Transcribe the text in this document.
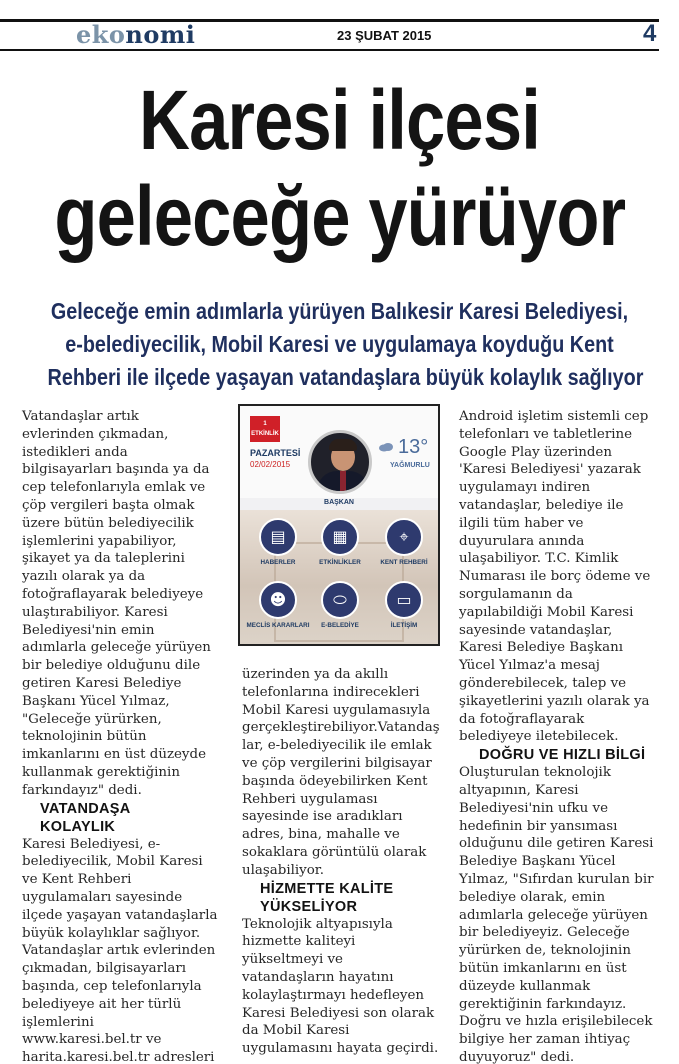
ekonomi	23 ŞUBAT 2015	4
Karesi ilçesi
geleceğe yürüyor
Geleceğe emin adımlarla yürüyen Balıkesir Karesi Belediyesi,
e-belediyecilik, Mobil Karesi ve uygulamaya koyduğu Kent
Rehberi ile ilçede yaşayan vatandaşlara büyük kolaylık sağlıyor

Vatandaşlar artık

evlerinden çıkmadan,

istedikleri anda

bilgisayarları başında ya da

cep telefonlarıyla emlak ve

çöp vergileri başta olmak

üzere bütün belediyecilik

işlemlerini yapabiliyor,

şikayet ya da taleplerini

yazılı olarak ya da

fotoğraflayarak belediyeye

ulaştırabiliyor. Karesi

Belediyesi'nin emin

adımlarla geleceğe yürüyen

bir belediye olduğunu dile

getiren Karesi Belediye

Başkanı Yücel Yılmaz,

"Geleceğe yürürken,

teknolojinin bütün

imkanlarını en üst düzeyde

kullanmak gerektiğinin

farkındayız" dedi.

VATANDAŞA
KOLAYLIK

Karesi Belediyesi, e-

belediyecilik, Mobil Karesi

ve Kent Rehberi

uygulamaları sayesinde

ilçede yaşayan vatandaşlarla

büyük kolaylıklar sağlıyor.

Vatandaşlar artık evlerinden

çıkmadan, bilgisayarları

başında, cep telefonlarıyla

belediyeye ait her türlü

işlemlerini

www.karesi.bel.tr ve

harita.karesi.bel.tr adresleri

1
ETKİNLİK
PAZARTESİ
02/02/2015
13°
YAĞMURLU
BAŞKAN
▤
HABERLER
▦
ETKİNLİKLER
⌖
KENT REHBERİ
☻
MECLİS KARARLARI
⬭
E-BELEDİYE
▭
İLETİŞİM

üzerinden ya da akıllı

telefonlarına indirecekleri

Mobil Karesi uygulamasıyla

gerçekleştirebiliyor.Vatandaş

lar, e-belediyecilik ile emlak

ve çöp vergilerini bilgisayar

başında ödeyebilirken Kent

Rehberi uygulaması

sayesinde ise aradıkları

adres, bina, mahalle ve

sokaklara görüntülü olarak

ulaşabiliyor.

HİZMETTE KALİTE
YÜKSELİYOR

Teknolojik altyapısıyla

hizmette kaliteyi

yükseltmeyi ve

vatandaşların hayatını

kolaylaştırmayı hedefleyen

Karesi Belediyesi son olarak

da Mobil Karesi

uygulamasını hayata geçirdi.

Android işletim sistemli cep

telefonları ve tabletlerine

Google Play üzerinden

'Karesi Belediyesi' yazarak

uygulamayı indiren

vatandaşlar, belediye ile

ilgili tüm haber ve

duyurulara anında

ulaşabiliyor. T.C. Kimlik

Numarası ile borç ödeme ve

sorgulamanın da

yapılabildiği Mobil Karesi

sayesinde vatandaşlar,

Karesi Belediye Başkanı

Yücel Yılmaz'a mesaj

gönderebilecek, talep ve

şikayetlerini yazılı olarak ya

da fotoğraflayarak

belediyeye iletebilecek.

DOĞRU VE HIZLI BİLGİ

Oluşturulan teknolojik

altyapının, Karesi

Belediyesi'nin ufku ve

hedefinin bir yansıması

olduğunu dile getiren Karesi

Belediye Başkanı Yücel

Yılmaz, "Sıfırdan kurulan bir

belediye olarak, emin

adımlarla geleceğe yürüyen

bir belediyeyiz. Geleceğe

yürürken de, teknolojinin

bütün imkanlarını en üst

düzeyde kullanmak

gerektiğinin farkındayız.

Doğru ve hızla erişilebilecek

bilgiye her zaman ihtiyaç

duyuyoruz" dedi.
